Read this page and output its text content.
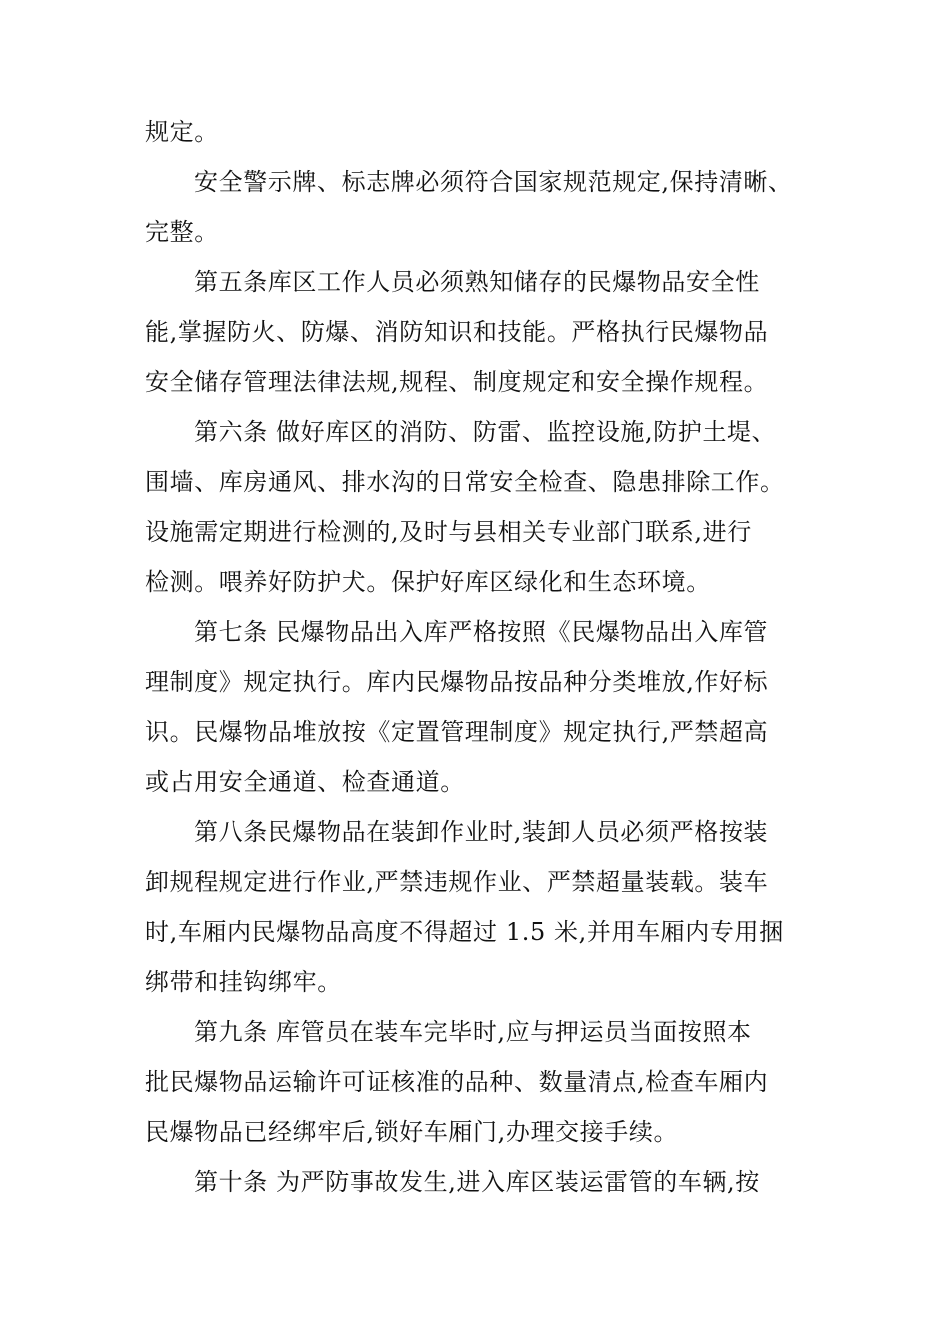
规定。
安全警示牌、标志牌必须符合国家规范规定,保持清晰、
完整。
第五条库区工作人员必须熟知储存的民爆物品安全性
能,掌握防火、防爆、消防知识和技能。严格执行民爆物品
安全储存管理法律法规,规程、制度规定和安全操作规程。
第六条 做好库区的消防、防雷、监控设施,防护土堤、
围墙、库房通风、排水沟的日常安全检查、隐患排除工作。
设施需定期进行检测的,及时与县相关专业部门联系,进行
检测。喂养好防护犬。保护好库区绿化和生态环境。
第七条 民爆物品出入库严格按照《民爆物品出入库管
理制度》规定执行。库内民爆物品按品种分类堆放,作好标
识。民爆物品堆放按《定置管理制度》规定执行,严禁超高
或占用安全通道、检查通道。
第八条民爆物品在装卸作业时,装卸人员必须严格按装
卸规程规定进行作业,严禁违规作业、严禁超量装载。装车
时,车厢内民爆物品高度不得超过 1.5 米,并用车厢内专用捆
绑带和挂钩绑牢。
第九条 库管员在装车完毕时,应与押运员当面按照本
批民爆物品运输许可证核准的品种、数量清点,检查车厢内
民爆物品已经绑牢后,锁好车厢门,办理交接手续。
第十条 为严防事故发生,进入库区装运雷管的车辆,按
